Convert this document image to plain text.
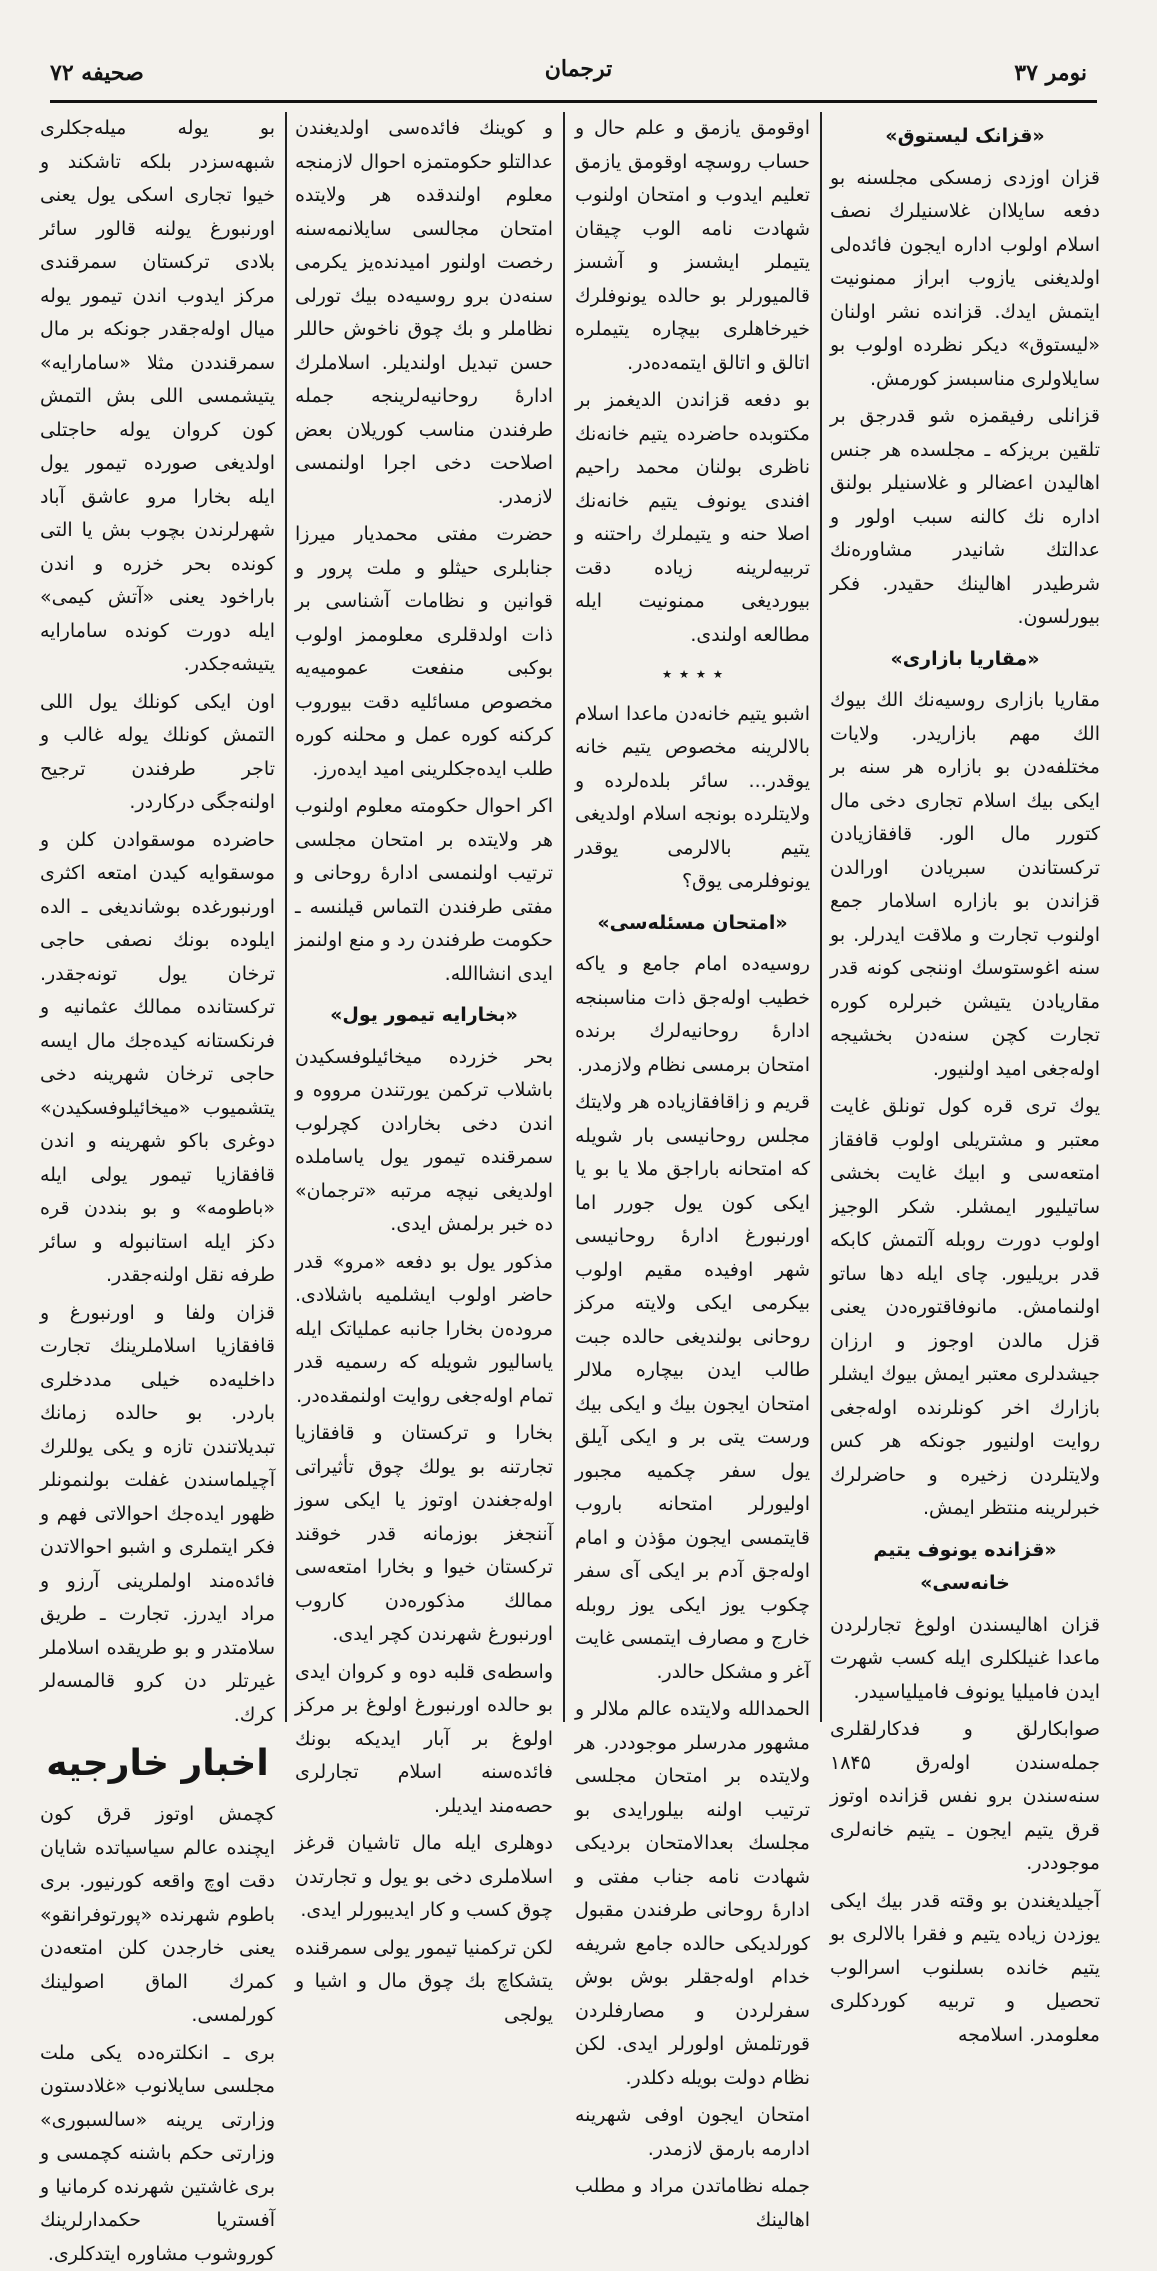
صحیفه ۷۲	ترجمان	نومر ۳۷
«قزانک لیستوق»

قزان اوزدی زمسکی مجلسنه بو دفعه سایلاان غلاسنیلرك نصف اسلام اولوب اداره ایجون فائده‌لی اولدیغنی یازوب ابراز ممنونیت ایتمش ایدك. قزانده نشر اولنان «لیستوق» دیکر نظرده اولوب بو سایلاولری مناسبسز کورمش.

قزانلی رفیقمزه شو قدرجق بر تلقین بریزکه ـ مجلسده هر جنس اهالیدن اعضالر و غلاسنیلر بولنق اداره نك کالنه سبب اولور و عدالتك شانیدر مشاوره‌نك شرطیدر اهالینك حقیدر. فکر بیورلسون.

«مقاریا بازاری»

مقاریا بازاری روسیه‌نك الك بیوك الك مهم بازاریدر. ولایات مختلفه‌دن بو بازاره هر سنه بر ایکی بیك اسلام تجاری دخی مال کتورر مال الور. قافقازیادن ترکستاندن سبریادن اورالدن قزاندن بو بازاره اسلامار جمع اولنوب تجارت و ملاقت ایدرلر. بو سنه اغوستوسك اوننجی کونه قدر مقاریادن یتیشن خبرلره کوره تجارت کچن سنه‌دن بخشیجه اولەجغی امید اولنیور.

یوك تری قره کول تونلق غایت معتبر و مشتریلی اولوب قافقاز امتعه‌سی و ابیك غایت بخشی ساتیلیور ایمشلر. شکر الوجیز اولوب دورت روبله آلتمش کابکه قدر بریلیور. چای ایله دها ساتو اولنمامش. مانوفاقتوره‌دن یعنی قزل مالدن اوجوز و ارزان جیشدلری معتبر ایمش بیوك ایشلر بازارك اخر کونلرنده اولەجغی روایت اولنیور جونکه هر کس ولایتلردن زخیره و حاضرلرك خبرلرینه منتظر ایمش.

«قزانده یونوف یتیم خانه‌سی»

قزان اهالیسندن اولوغ تجارلردن ماعدا غنیلکلری ایله کسب شهرت ایدن فامیلیا یونوف فامیلیاسیدر.

صوابکارلق و فدکارلقلری جمله‌سندن اولەرق ۱۸۴۵ سنه‌سندن برو نفس قزانده اوتوز قرق یتیم ایجون ـ یتیم خانه‌لری موجوددر.

آجیلدیغندن بو وقته قدر بیك ایکی یوزدن زیاده یتیم و فقرا بالالری بو یتیم خانده بسلنوب اسرالوب تحصیل و تربیه کوردکلری معلومدر. اسلامجه

اوقومق یازمق و علم حال و حساب روسچه اوقومق یازمق تعلیم ایدوب و امتحان اولنوب شهادت نامه الوب چیقان یتیملر ایشسز و آشسز قالمیورلر بو حالده یونوفلرك خیرخاهلری بیچاره یتیملره اتالق و اتالق ایتمه‌ده‌در.

بو دفعه قزاندن الدیغمز بر مکتوبده حاضرده یتیم خانه‌نك ناظری بولنان محمد راحیم افندی یونوف یتیم خانه‌نك اصلا حنه و یتیملرك راحتنه و تربیه‌لرینه زیاده دقت بیوردیغی ممنونیت ایله مطالعه اولندی.

٭ ٭ ٭ ٭

اشبو یتیم خانه‌دن ماعدا اسلام بالالرینه مخصوص یتیم خانه یوقدر... سائر بلده‌لرده و ولایتلرده بونجه اسلام اولدیغی یتیم بالالرمی یوقدر یونوفلرمی یوق؟

«امتحان مسئله‌سی»

روسیه‌ده امام جامع و یاکه خطیب اوله‌جق ذات مناسبنجه ادارۀ روحانیه‌لرك برنده امتحان برمسی نظام ولازمدر.

قریم و زاقافقازیاده هر ولایتك مجلس روحانیسی بار شویله که امتحانه باراجق ملا یا بو یا ایکی کون یول جورر اما اورنبورغ ادارۀ روحانیسی شهر اوفیده مقیم اولوب بیکرمی ایکی ولایته مرکز روحانی بولندیغی حالده جبت طالب ایدن بیچاره ملالر امتحان ایجون بیك و ایکی بیك ورست یتی بر و ایکی آیلق یول سفر چکمیه مجبور اولیورلر امتحانه باروب قایتمسی ایجون مؤذن و امام اولەجق آدم بر ایکی آی سفر چکوب یوز ایکی یوز روبله خارج و مصارف ایتمسی غایت آغر و مشکل حالدر.

الحمدالله ولایتده عالم ملالر و مشهور مدرسلر موجوددر. هر ولایتده بر امتحان مجلسی ترتیب اولنه بیلورایدی بو مجلسك بعدالامتحان بردیکی شهادت نامه جناب مفتی و ادارۀ روحانی طرفندن مقبول کورلدیکی حالده جامع شریفه خدام اوله‌جقلر بوش بوش سفرلردن و مصارفلردن قورتلمش اولورلر ایدی. لکن نظام دولت بویله دکلدر.

امتحان ایجون اوفی شهرینه ادارمه بارمق لازمدر.

جمله نظاماتدن مراد و مطلب اهالینك

و کوینك فائده‌سی اولدیغندن عدالتلو حکومتمزه احوال لازمنجه معلوم اولندقده هر ولایتده امتحان مجالسی سایلانمه‌سنه رخصت اولنور امیدنده‌یز یکرمی سنه‌دن برو روسیه‌ده بیك تورلی نظاملر و بك چوق ناخوش حاللر حسن تبدیل اولندیلر. اسلاملرك ادارۀ روحانیه‌لرینجه جمله طرفندن مناسب کوریلان بعض اصلاحت دخی اجرا اولنمسی لازمدر.

حضرت مفتی محمدیار میرزا جنابلری حیثلو و ملت پرور و قوانین و نظامات آشناسی بر ذات اولدقلری معلوممز اولوب بوکبی منفعت عمومیه‌یه مخصوص مسائلیه دقت بیوروب کرکنه کوره عمل و محلنه کوره طلب ایدەجکلرینی امید ایدەرز.

اکر احوال حکومته معلوم اولنوب هر ولایتده بر امتحان مجلسی ترتیب اولنمسی ادارۀ روحانی و مفتی طرفندن التماس قیلنسه ـ حکومت طرفندن رد و منع اولنمز ایدی انشاالله.

«بخارایه تیمور یول»

بحر خزرده میخائیلوفسکیدن باشلاب ترکمن یورتندن مرووه و اندن دخی بخارادن کچرلوب سمرقنده تیمور یول یاساملده اولدیغی نیچه مرتبه «ترجمان» ده خبر برلمش ایدی.

مذکور یول بو دفعه «مرو» قدر حاضر اولوب ایشلمیه باشلادی. مروده‌ن بخارا جانبه عملیاتک ایله یاسالیور شویله که رسمیه قدر تمام اولەجغی روایت اولنمقده‌در.

بخارا و ترکستان و قافقازیا تجارتنه بو یولك چوق تأثیراتی اولەجغندن اوتوز یا ایکی سوز آننجغز بوزمانه قدر خوقند ترکستان خیوا و بخارا امتعه‌سی ممالك مذکوره‌دن کاروب اورنبورغ شهرندن کچر ایدی.

واسطه‌ی قلبه دوه و کروان ایدی بو حالده اورنبورغ اولوغ بر مرکز اولوغ بر آبار ایدیکه بونك فائده‌سنه اسلام تجارلری حصه‌مند ایدیلر.

دوهلری ایله مال تاشیان قرغز اسلاملری دخی بو یول و تجارتدن چوق کسب و کار ایدیبورلر ایدی.

لکن ترکمنیا تیمور یولی سمرقنده یتشکاچ بك چوق مال و اشیا و یولجی

بو یوله میله‌جکلری شبهه‌سزدر بلکه تاشکند و خیوا تجاری اسکی یول یعنی اورنبورغ یولنه قالور سائر بلادی ترکستان سمرقندی مرکز ایدوب اندن تیمور یوله میال اولەجقدر جونکه بر مال سمرقنددن مثلا «سامارایه» یتیشمسی اللی بش التمش کون کروان یوله حاجتلی اولدیغی صورده تیمور یول ایله بخارا مرو عاشق آباد شهرلرندن بچوب بش یا التی کونده بحر خزره و اندن باراخود یعنی «آتش کیمی» ایله دورت کونده سامارایه یتیشه‌جکدر.

اون ایکی کونلك یول اللی التمش کونلك یوله غالب و تاجر طرفندن ترجیح اولنەجگی دركاردر.

حاضرده موسقوادن کلن و موسقوایه کیدن امتعه اکثری اورنبورغده بوشاندیغی ـ الده ایلوده بونك نصفی حاجی ترخان یول تونه‌جقدر. ترکستانده ممالك عثمانیه و فرنکستانه کیدەجك مال ایسه حاجی ترخان شهرینه دخی یتشمیوب «میخائیلوفسکیدن» دوغری باکو شهرینه و اندن قافقازیا تیمور یولی ایله «باطومه» و بو بنددن قره دکز ایله استانبوله و سائر طرفه نقل اولنەجقدر.

قزان ولفا و اورنبورغ و قافقازیا اسلاملرینك تجارت داخلیه‌ده خیلی مددخلری باردر. بو حالده زمانك تبدیلاتندن تازه و یکی یوللرك آچیلماسندن غفلت بولنمونلر ظهور ایدەجك احوالاتی فهم و فکر ایتملری و اشبو احوالاتدن فائده‌مند اولملرینی آرزو و مراد ایدرز. تجارت ـ طریق سلامتدر و بو طریقده اسلاملر غیرتلر دن کرو قالمسەلر کرك.

اخبار خارجیه

کچمش اوتوز قرق کون ایچنده عالم سیاسیاتده شایان دقت اوچ واقعه کورنیور. بری باطوم شهرنده «پورتوفرانقو» یعنی خارجدن کلن امتعه‌دن کمرك الماق اصولینك کورلمسی.

بری ـ انکلتره‌ده یکی ملت مجلسی سایلانوب «غلادستون وزارتی یرینه «سالسبوری» وزارتی حکم باشنه کچمسی و بری غاشتین شهرنده کرمانیا و آفستریا حکمدارلرینك کوروشوب مشاوره ایتدکلری.
